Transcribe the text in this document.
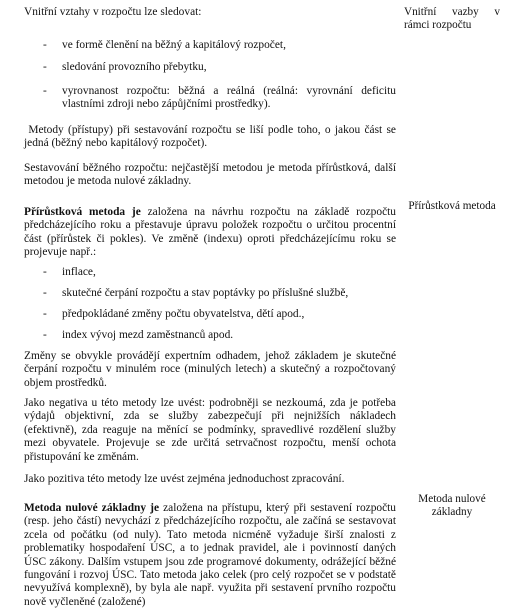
Vnitřní vztahy v rozpočtu lze sledovat:

- ve formě členění na běžný a kapitálový rozpočet,
- sledování provozního přebytku,
- vyrovnanost rozpočtu: běžná a reálná (reálná: vyrovnání deficitu vlastními zdroji nebo zápůjčními prostředky).

Metody (přístupy) při sestavování rozpočtu se liší podle toho, o jakou část se jedná (běžný nebo kapitálový rozpočet).

Sestavování běžného rozpočtu: nejčastější metodou je metoda přírůstková, další metodou je metoda nulové základny.

Přírůstková metoda je založena na návrhu rozpočtu na základě rozpočtu předcházejícího roku a přestavuje úpravu položek rozpočtu o určitou procentní část (přírůstek či pokles). Ve změně (indexu) oproti předcházejícímu roku se projevuje např.:

- inflace,
- skutečné čerpání rozpočtu a stav poptávky po příslušné službě,
- předpokládané změny počtu obyvatelstva, dětí apod.,
- index vývoj mezd zaměstnanců apod.

Změny se obvykle provádějí expertním odhadem, jehož základem je skutečné čerpání rozpočtu v minulém roce (minulých letech) a skutečný a rozpočtovaný objem prostředků.

Jako negativa u této metody lze uvést: podrobněji se nezkoumá, zda je potřeba výdajů objektivní, zda se služby zabezpečují při nejnižších nákladech (efektivně), zda reaguje na měnící se podmínky, spravedlivé rozdělení služby mezi obyvatele. Projevuje se zde určitá setrvačnost rozpočtu, menší ochota přistupování ke změnám.

Jako pozitiva této metody lze uvést zejména jednoduchost zpracování.

Metoda nulové základny je založena na přístupu, který při sestavení rozpočtu (resp. jeho částí) nevychází z předcházejícího rozpočtu, ale začíná se sestavovat zcela od počátku (od nuly). Tato metoda nicméně vyžaduje širší znalosti z problematiky hospodaření ÚSC, a to jednak pravidel, ale i povinností daných ÚSC zákony. Dalším vstupem jsou zde programové dokumenty, odrážející běžné fungování i rozvoj ÚSC. Tato metoda jako celek (pro celý rozpočet se v podstatě nevyužívá komplexně), by byla ale např. využita při sestavení prvního rozpočtu nově vyčleněné (založené)

Vnitřní vazby v rámci rozpočtu
Přírůstková metoda
Metoda nulové základny
